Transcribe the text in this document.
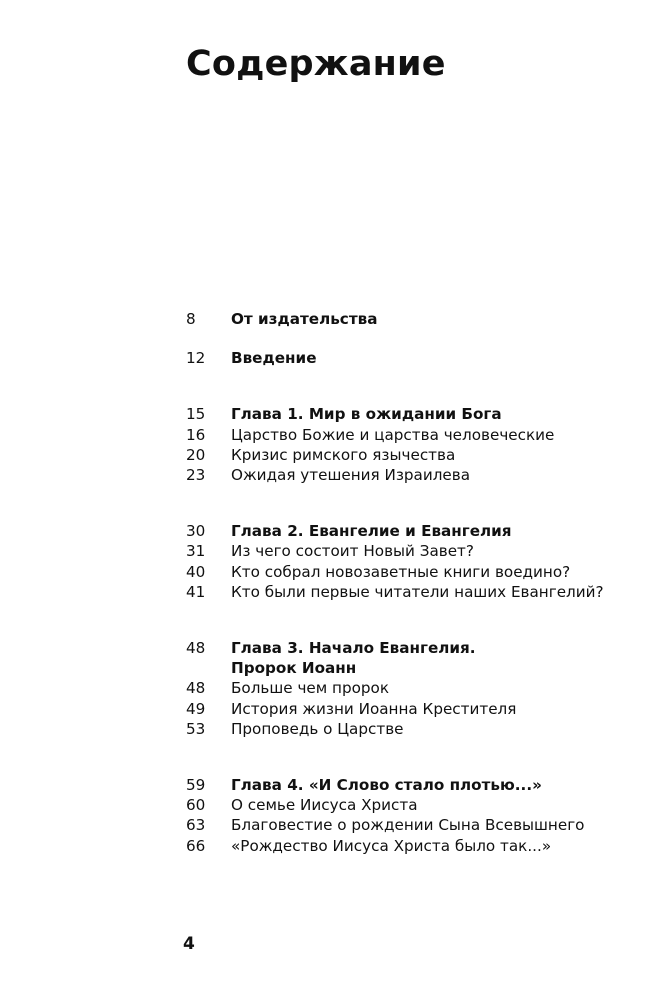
Содержание
8	От издательства
12	Введение
15	Глава 1. Мир в ожидании Бога
16	Царство Божие и царства человеческие
20	Кризис римского язычества
23	Ожидая утешения Израилева
30	Глава 2. Евангелие и Евангелия
31	Из чего состоит Новый Завет?
40	Кто собрал новозаветные книги воедино?
41	Кто были первые читатели наших Евангелий?
48	Глава 3. Начало Евангелия.
Пророк Иоанн
48	Больше чем пророк
49	История жизни Иоанна Крестителя
53	Проповедь о Царстве
59	Глава 4. «И Слово стало плотью...»
60	О семье Иисуса Христа
63	Благовестие о рождении Сына Всевышнего
66	«Рождество Иисуса Христа было так...»
4
